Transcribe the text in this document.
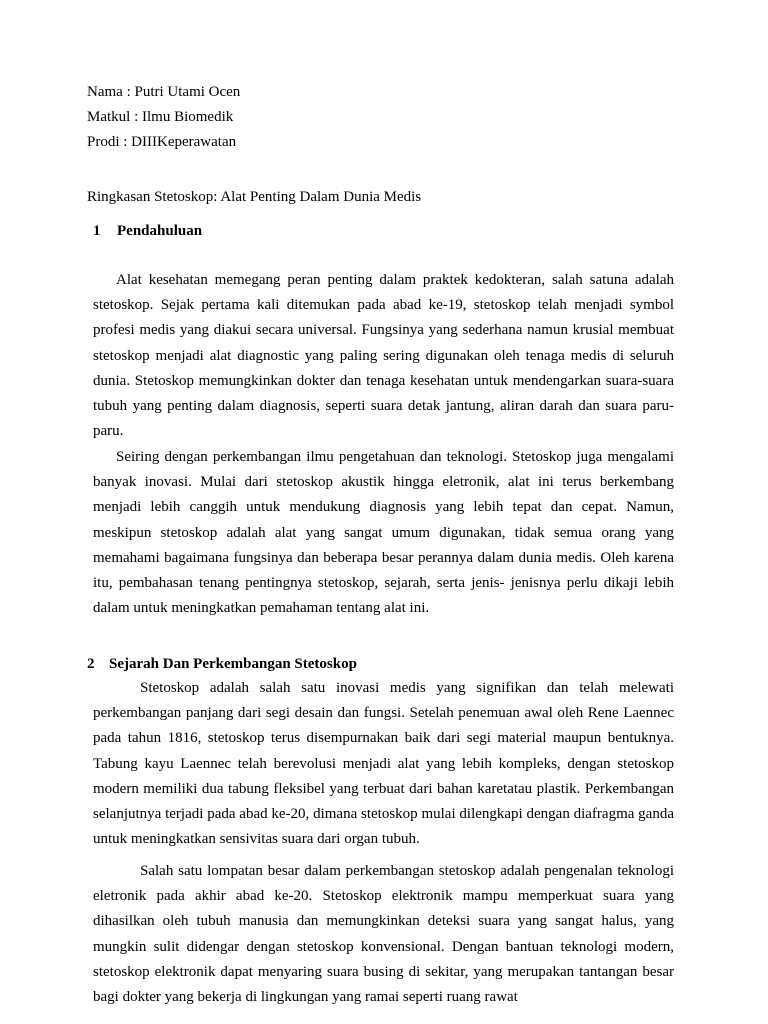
Nama : Putri Utami Ocen
Matkul : Ilmu Biomedik
Prodi : DIIIKeperawatan
Ringkasan Stetoskop: Alat Penting Dalam Dunia Medis
1 Pendahuluan

Alat kesehatan memegang peran penting dalam praktek kedokteran, salah satuna adalah stetoskop. Sejak pertama kali ditemukan pada abad ke-19, stetoskop telah menjadi symbol profesi medis yang diakui secara universal. Fungsinya yang sederhana namun krusial membuat stetoskop menjadi alat diagnostic yang paling sering digunakan oleh tenaga medis di seluruh dunia. Stetoskop memungkinkan dokter dan tenaga kesehatan untuk mendengarkan suara-suara tubuh yang penting dalam diagnosis, seperti suara detak jantung, aliran darah dan suara paru-paru.

Seiring dengan perkembangan ilmu pengetahuan dan teknologi. Stetoskop juga mengalami banyak inovasi. Mulai dari stetoskop akustik hingga eletronik, alat ini terus berkembang menjadi lebih canggih untuk mendukung diagnosis yang lebih tepat dan cepat. Namun, meskipun stetoskop adalah alat yang sangat umum digunakan, tidak semua orang yang memahami bagaimana fungsinya dan beberapa besar perannya dalam dunia medis. Oleh karena itu, pembahasan tenang pentingnya stetoskop, sejarah, serta jenis- jenisnya perlu dikaji lebih dalam untuk meningkatkan pemahaman tentang alat ini.

2 Sejarah Dan Perkembangan Stetoskop

Stetoskop adalah salah satu inovasi medis yang signifikan dan telah melewati perkembangan panjang dari segi desain dan fungsi. Setelah penemuan awal oleh Rene Laennec pada tahun 1816, stetoskop terus disempurnakan baik dari segi material maupun bentuknya. Tabung kayu Laennec telah berevolusi menjadi alat yang lebih kompleks, dengan stetoskop modern memiliki dua tabung fleksibel yang terbuat dari bahan karetatau plastik. Perkembangan selanjutnya terjadi pada abad ke-20, dimana stetoskop mulai dilengkapi dengan diafragma ganda untuk meningkatkan sensivitas suara dari organ tubuh.

Salah satu lompatan besar dalam perkembangan stetoskop adalah pengenalan teknologi eletronik pada akhir abad ke-20. Stetoskop elektronik mampu memperkuat suara yang dihasilkan oleh tubuh manusia dan memungkinkan deteksi suara yang sangat halus, yang mungkin sulit didengar dengan stetoskop konvensional. Dengan bantuan teknologi modern, stetoskop elektronik dapat menyaring suara busing di sekitar, yang merupakan tantangan besar bagi dokter yang bekerja di lingkungan yang ramai seperti ruang rawat
